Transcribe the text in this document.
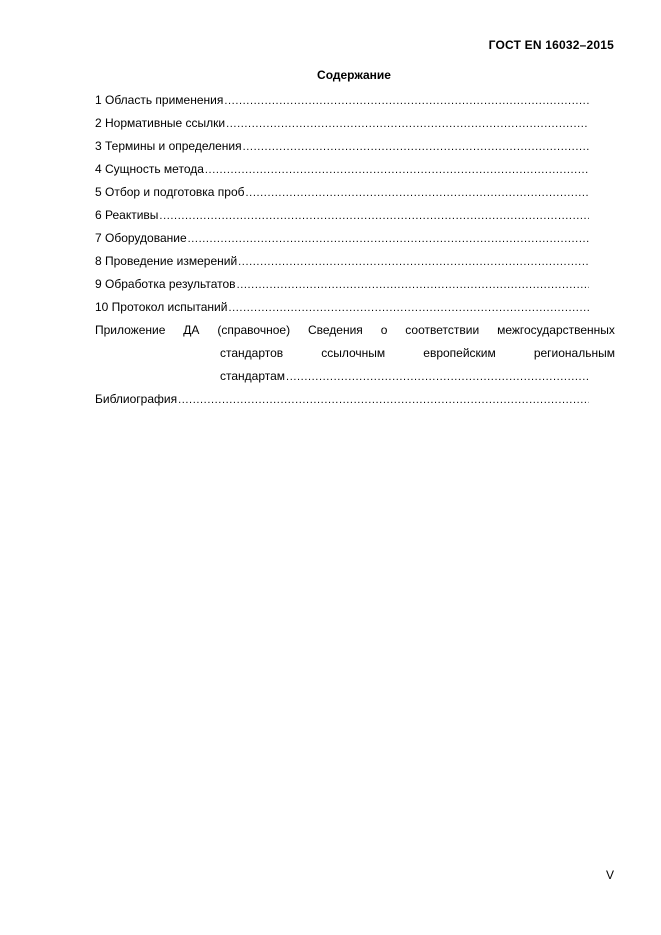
ГОСТ EN 16032–2015
Содержание
1 Область применения
.....
2 Нормативные ссылки
.....
3 Термины и определения
.....
4 Сущность метода
.....
5 Отбор и подготовка проб
.....
6 Реактивы
.....
7 Оборудование
.....
8 Проведение измерений
.....
9 Обработка результатов
.....
10 Протокол испытаний
.....
Приложение ДА (справочное) Сведения о соответствии межгосударственных
стандартов	ссылочным	европейским	региональным
стандартам
.....
Библиография
.....
V
